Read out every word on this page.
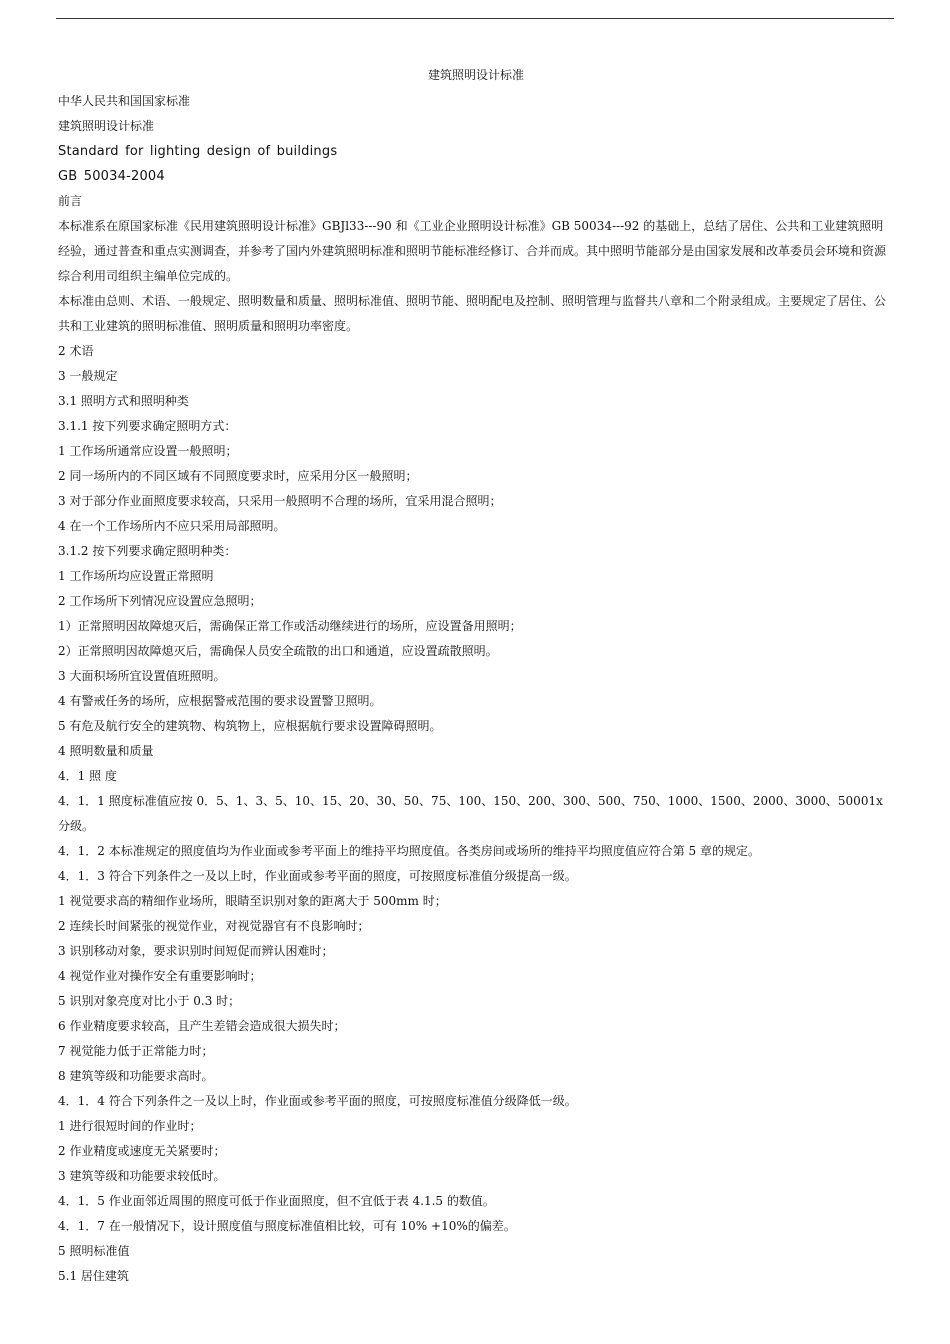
建筑照明设计标准
中华人民共和国国家标准
建筑照明设计标准
Standard for lighting design of buildings
GB 50034-2004
前言
本标准系在原国家标准《民用建筑照明设计标准》GBJl33---90 和《工业企业照明设计标准》GB 50034---92 的基础上，总结了居住、公共和工业建筑照明经验，通过普查和重点实测调查，并参考了国内外建筑照明标准和照明节能标准经修订、合并而成。其中照明节能部分是由国家发展和改革委员会环境和资源综合利用司组织主编单位完成的。
本标准由总则、术语、一般规定、照明数量和质量、照明标准值、照明节能、照明配电及控制、照明管理与监督共八章和二个附录组成。主要规定了居住、公共和工业建筑的照明标准值、照明质量和照明功率密度。
2 术语
3 一般规定
3.1 照明方式和照明种类
3.1.1 按下列要求确定照明方式：
1 工作场所通常应设置一般照明；
2 同一场所内的不同区域有不同照度要求时，应采用分区一般照明；
3 对于部分作业面照度要求较高，只采用一般照明不合理的场所，宜采用混合照明；
4 在一个工作场所内不应只采用局部照明。
3.1.2 按下列要求确定照明种类：
1 工作场所均应设置正常照明
2 工作场所下列情况应设置应急照明；
1）正常照明因故障熄灭后，需确保正常工作或活动继续进行的场所，应设置备用照明；
2）正常照明因故障熄灭后，需确保人员安全疏散的出口和通道，应设置疏散照明。
3 大面积场所宜设置值班照明。
4 有警戒任务的场所，应根据警戒范围的要求设置警卫照明。
5 有危及航行安全的建筑物、构筑物上，应根据航行要求设置障碍照明。
4 照明数量和质量
4．1 照 度
4．1．1 照度标准值应按 0．5、1、3、5、10、15、20、30、50、75、100、150、200、300、500、750、1000、1500、2000、3000、50001x 分级。
4．1．2 本标准规定的照度值均为作业面或参考平面上的维持平均照度值。各类房间或场所的维持平均照度值应符合第 5 章的规定。
4．1．3 符合下列条件之一及以上时，作业面或参考平面的照度，可按照度标准值分级提高一级。
1 视觉要求高的精细作业场所，眼睛至识别对象的距离大于 500mm 时；
2 连续长时间紧张的视觉作业，对视觉器官有不良影响时；
3 识别移动对象，要求识别时间短促而辨认困难时；
4 视觉作业对操作安全有重要影响时；
5 识别对象亮度对比小于 0.3 时；
6 作业精度要求较高，且产生差错会造成很大损失时；
7 视觉能力低于正常能力时；
8 建筑等级和功能要求高时。
4．1．4 符合下列条件之一及以上时，作业面或参考平面的照度，可按照度标准值分级降低一级。
1 进行很短时间的作业时；
2 作业精度或速度无关紧要时；
3 建筑等级和功能要求较低时。
4．1．5 作业面邻近周围的照度可低于作业面照度，但不宜低于表 4.1.5 的数值。
4．1．7 在一般情况下，设计照度值与照度标准值相比较，可有 10% +10%的偏差。
5 照明标准值
5.1 居住建筑
